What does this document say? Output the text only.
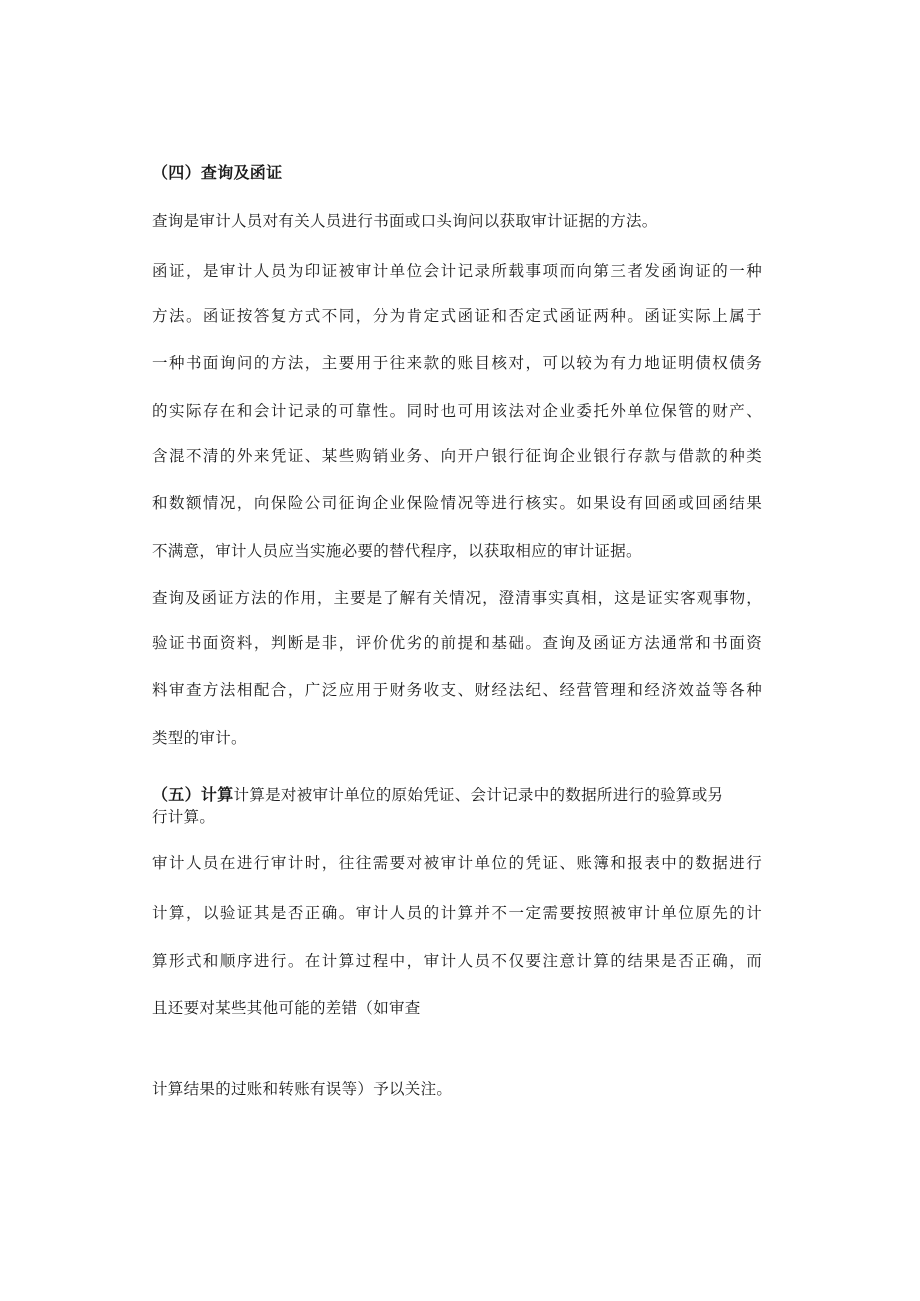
（四）查询及函证
查询是审计人员对有关人员进行书面或口头询问以获取审计证据的方法。
函证，是审计人员为印证被审计单位会计记录所载事项而向第三者发函询证的一种
方法。函证按答复方式不同，分为肯定式函证和否定式函证两种。函证实际上属于
一种书面询问的方法，主要用于往来款的账目核对，可以较为有力地证明债权债务
的实际存在和会计记录的可靠性。同时也可用该法对企业委托外单位保管的财产、
含混不清的外来凭证、某些购销业务、向开户银行征询企业银行存款与借款的种类
和数额情况，向保险公司征询企业保险情况等进行核实。如果设有回函或回函结果
不满意，审计人员应当实施必要的替代程序，以获取相应的审计证据。
查询及函证方法的作用，主要是了解有关情况，澄清事实真相，这是证实客观事物，
验证书面资料，判断是非，评价优劣的前提和基础。查询及函证方法通常和书面资
料审查方法相配合，广泛应用于财务收支、财经法纪、经营管理和经济效益等各种
类型的审计。
（五）计算计算是对被审计单位的原始凭证、会计记录中的数据所进行的验算或另
行计算。
审计人员在进行审计时，往往需要对被审计单位的凭证、账簿和报表中的数据进行
计算，以验证其是否正确。审计人员的计算并不一定需要按照被审计单位原先的计
算形式和顺序进行。在计算过程中，审计人员不仅要注意计算的结果是否正确，而
且还要对某些其他可能的差错（如审查
计算结果的过账和转账有误等）予以关注。
